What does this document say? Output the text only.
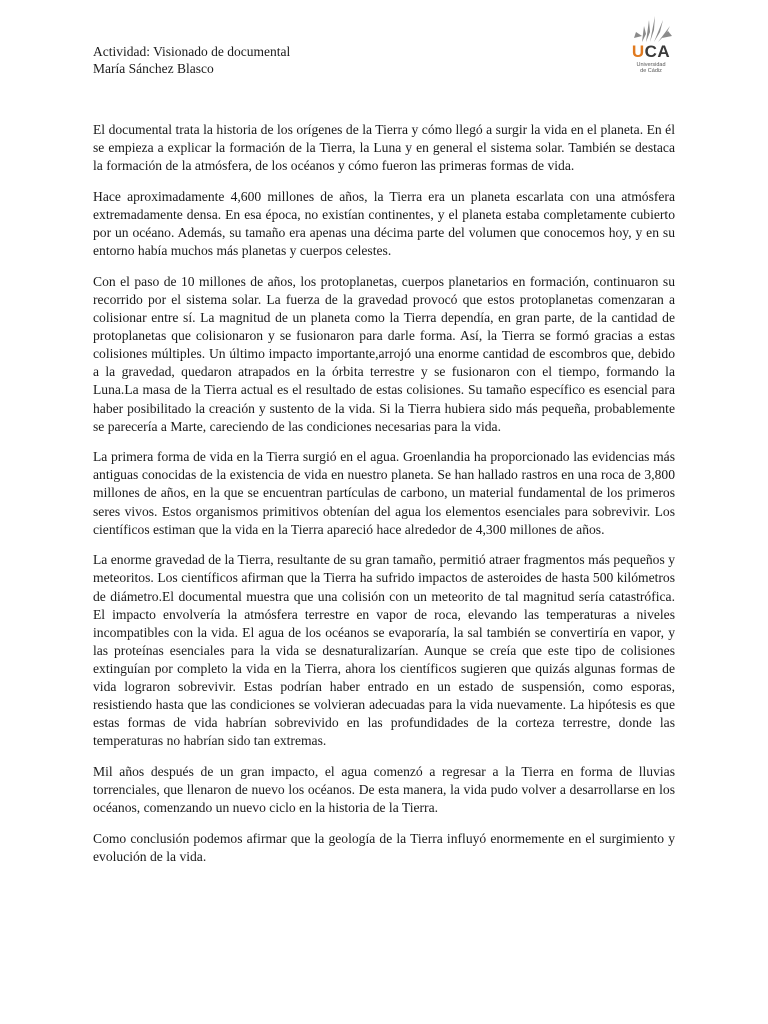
Actividad: Visionado de documental
María Sánchez Blasco
UCA
Universidad
de Cádiz

El documental trata la historia de los orígenes de la Tierra y cómo llegó a surgir la vida en el planeta. En él se empieza a explicar la formación de la Tierra, la Luna y en general el sistema solar. También se destaca la formación de la atmósfera, de los océanos y cómo fueron las primeras formas de vida.

Hace aproximadamente 4,600 millones de años, la Tierra era un planeta escarlata con una atmósfera extremadamente densa. En esa época, no existían continentes, y el planeta estaba completamente cubierto por un océano. Además, su tamaño era apenas una décima parte del volumen que conocemos hoy, y en su entorno había muchos más planetas y cuerpos celestes.

Con el paso de 10 millones de años, los protoplanetas, cuerpos planetarios en formación, continuaron su recorrido por el sistema solar. La fuerza de la gravedad provocó que estos protoplanetas comenzaran a colisionar entre sí. La magnitud de un planeta como la Tierra dependía, en gran parte, de la cantidad de protoplanetas que colisionaron y se fusionaron para darle forma. Así, la Tierra se formó gracias a estas colisiones múltiples. Un último impacto importante,arrojó una enorme cantidad de escombros que, debido a la gravedad, quedaron atrapados en la órbita terrestre y se fusionaron con el tiempo, formando la Luna.La masa de la Tierra actual es el resultado de estas colisiones. Su tamaño específico es esencial para haber posibilitado la creación y sustento de la vida. Si la Tierra hubiera sido más pequeña, probablemente se parecería a Marte, careciendo de las condiciones necesarias para la vida.

La primera forma de vida en la Tierra surgió en el agua. Groenlandia ha proporcionado las evidencias más antiguas conocidas de la existencia de vida en nuestro planeta. Se han hallado rastros en una roca de 3,800 millones de años, en la que se encuentran partículas de carbono, un material fundamental de los primeros seres vivos. Estos organismos primitivos obtenían del agua los elementos esenciales para sobrevivir. Los científicos estiman que la vida en la Tierra apareció hace alrededor de 4,300 millones de años.

La enorme gravedad de la Tierra, resultante de su gran tamaño, permitió atraer fragmentos más pequeños y meteoritos. Los científicos afirman que la Tierra ha sufrido impactos de asteroides de hasta 500 kilómetros de diámetro.El documental muestra que una colisión con un meteorito de tal magnitud sería catastrófica. El impacto envolvería la atmósfera terrestre en vapor de roca, elevando las temperaturas a niveles incompatibles con la vida. El agua de los océanos se evaporaría, la sal también se convertiría en vapor, y las proteínas esenciales para la vida se desnaturalizarían. Aunque se creía que este tipo de colisiones extinguían por completo la vida en la Tierra, ahora los científicos sugieren que quizás algunas formas de vida lograron sobrevivir. Estas podrían haber entrado en un estado de suspensión, como esporas, resistiendo hasta que las condiciones se volvieran adecuadas para la vida nuevamente. La hipótesis es que estas formas de vida habrían sobrevivido en las profundidades de la corteza terrestre, donde las temperaturas no habrían sido tan extremas.

Mil años después de un gran impacto, el agua comenzó a regresar a la Tierra en forma de lluvias torrenciales, que llenaron de nuevo los océanos. De esta manera, la vida pudo volver a desarrollarse en los océanos, comenzando un nuevo ciclo en la historia de la Tierra.

Como conclusión podemos afirmar que la geología de la Tierra influyó enormemente en el surgimiento y evolución de la vida.
